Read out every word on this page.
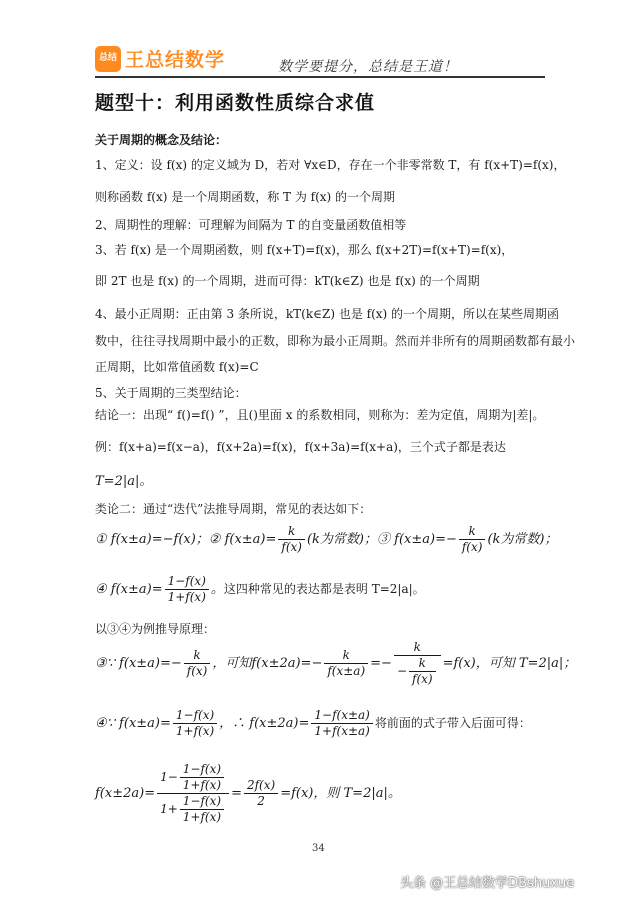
总结 王总结数学	数学要提分，总结是王道！
题型十：利用函数性质综合求值
关于周期的概念及结论：
1、定义：设 f(x) 的定义域为 D，若对 ∀x∈D，存在一个非零常数 T，有 f(x+T)=f(x)，
则称函数 f(x) 是一个周期函数，称 T 为 f(x) 的一个周期
2、周期性的理解：可理解为间隔为 T 的自变量函数值相等
3、若 f(x) 是一个周期函数，则 f(x+T)=f(x)，那么 f(x+2T)=f(x+T)=f(x)，
即 2T 也是 f(x) 的一个周期，进而可得：kT(k∈Z) 也是 f(x) 的一个周期
4、最小正周期：正由第 3 条所说，kT(k∈Z) 也是 f(x) 的一个周期，所以在某些周期函
数中，往往寻找周期中最小的正数，即称为最小正周期。然而并非所有的周期函数都有最小
正周期，比如常值函数 f(x)=C
5、关于周期的三类型结论：
结论一：出现“ f()=f() ”，且()里面 x 的系数相同，则称为：差为定值，周期为|差|。
例：f(x+a)=f(x−a)，f(x+2a)=f(x)，f(x+3a)=f(x+a)，三个式子都是表达
T=2|a|。
类论二：通过“迭代”法推导周期，常见的表达如下：
① f(x±a)=−f(x)；② $f(x\pm a)= \frac{k}{f(x)} (k$为常数)；③ $f(x\pm a)=- \frac{k}{f(x)} (k$为常数)；
④ $f(x\pm a)= \frac{1-f(x)}{1+f(x)}$ 。这四种常见的表达都是表明 T=2|a|。
以③④为例推导原理：
③∵ $f(x\pm a)=- \frac{k}{f(x)}$ ，可知$f(x\pm 2a)=- \frac{k}{f(x\pm a)} =- \frac{k}{- \frac{k}{f(x)}} =f(x)$，可知 T=2|a|；
④∵ $f(x\pm a)= \frac{1-f(x)}{1+f(x)}$ ，∴ $f(x\pm 2a)= \frac{1-f(x\pm a)}{1+f(x\pm a)}$ 将前面的式子带入后面可得：
$f(x\pm 2a)= \frac{1- \frac{1-f(x)}{1+f(x)}}{1+ \frac{1-f(x)}{1+f(x)}} = \frac{2f(x)}{2} =f(x)$，则 T=2|a|。
34
头条 @王总结数学DBshuxue
